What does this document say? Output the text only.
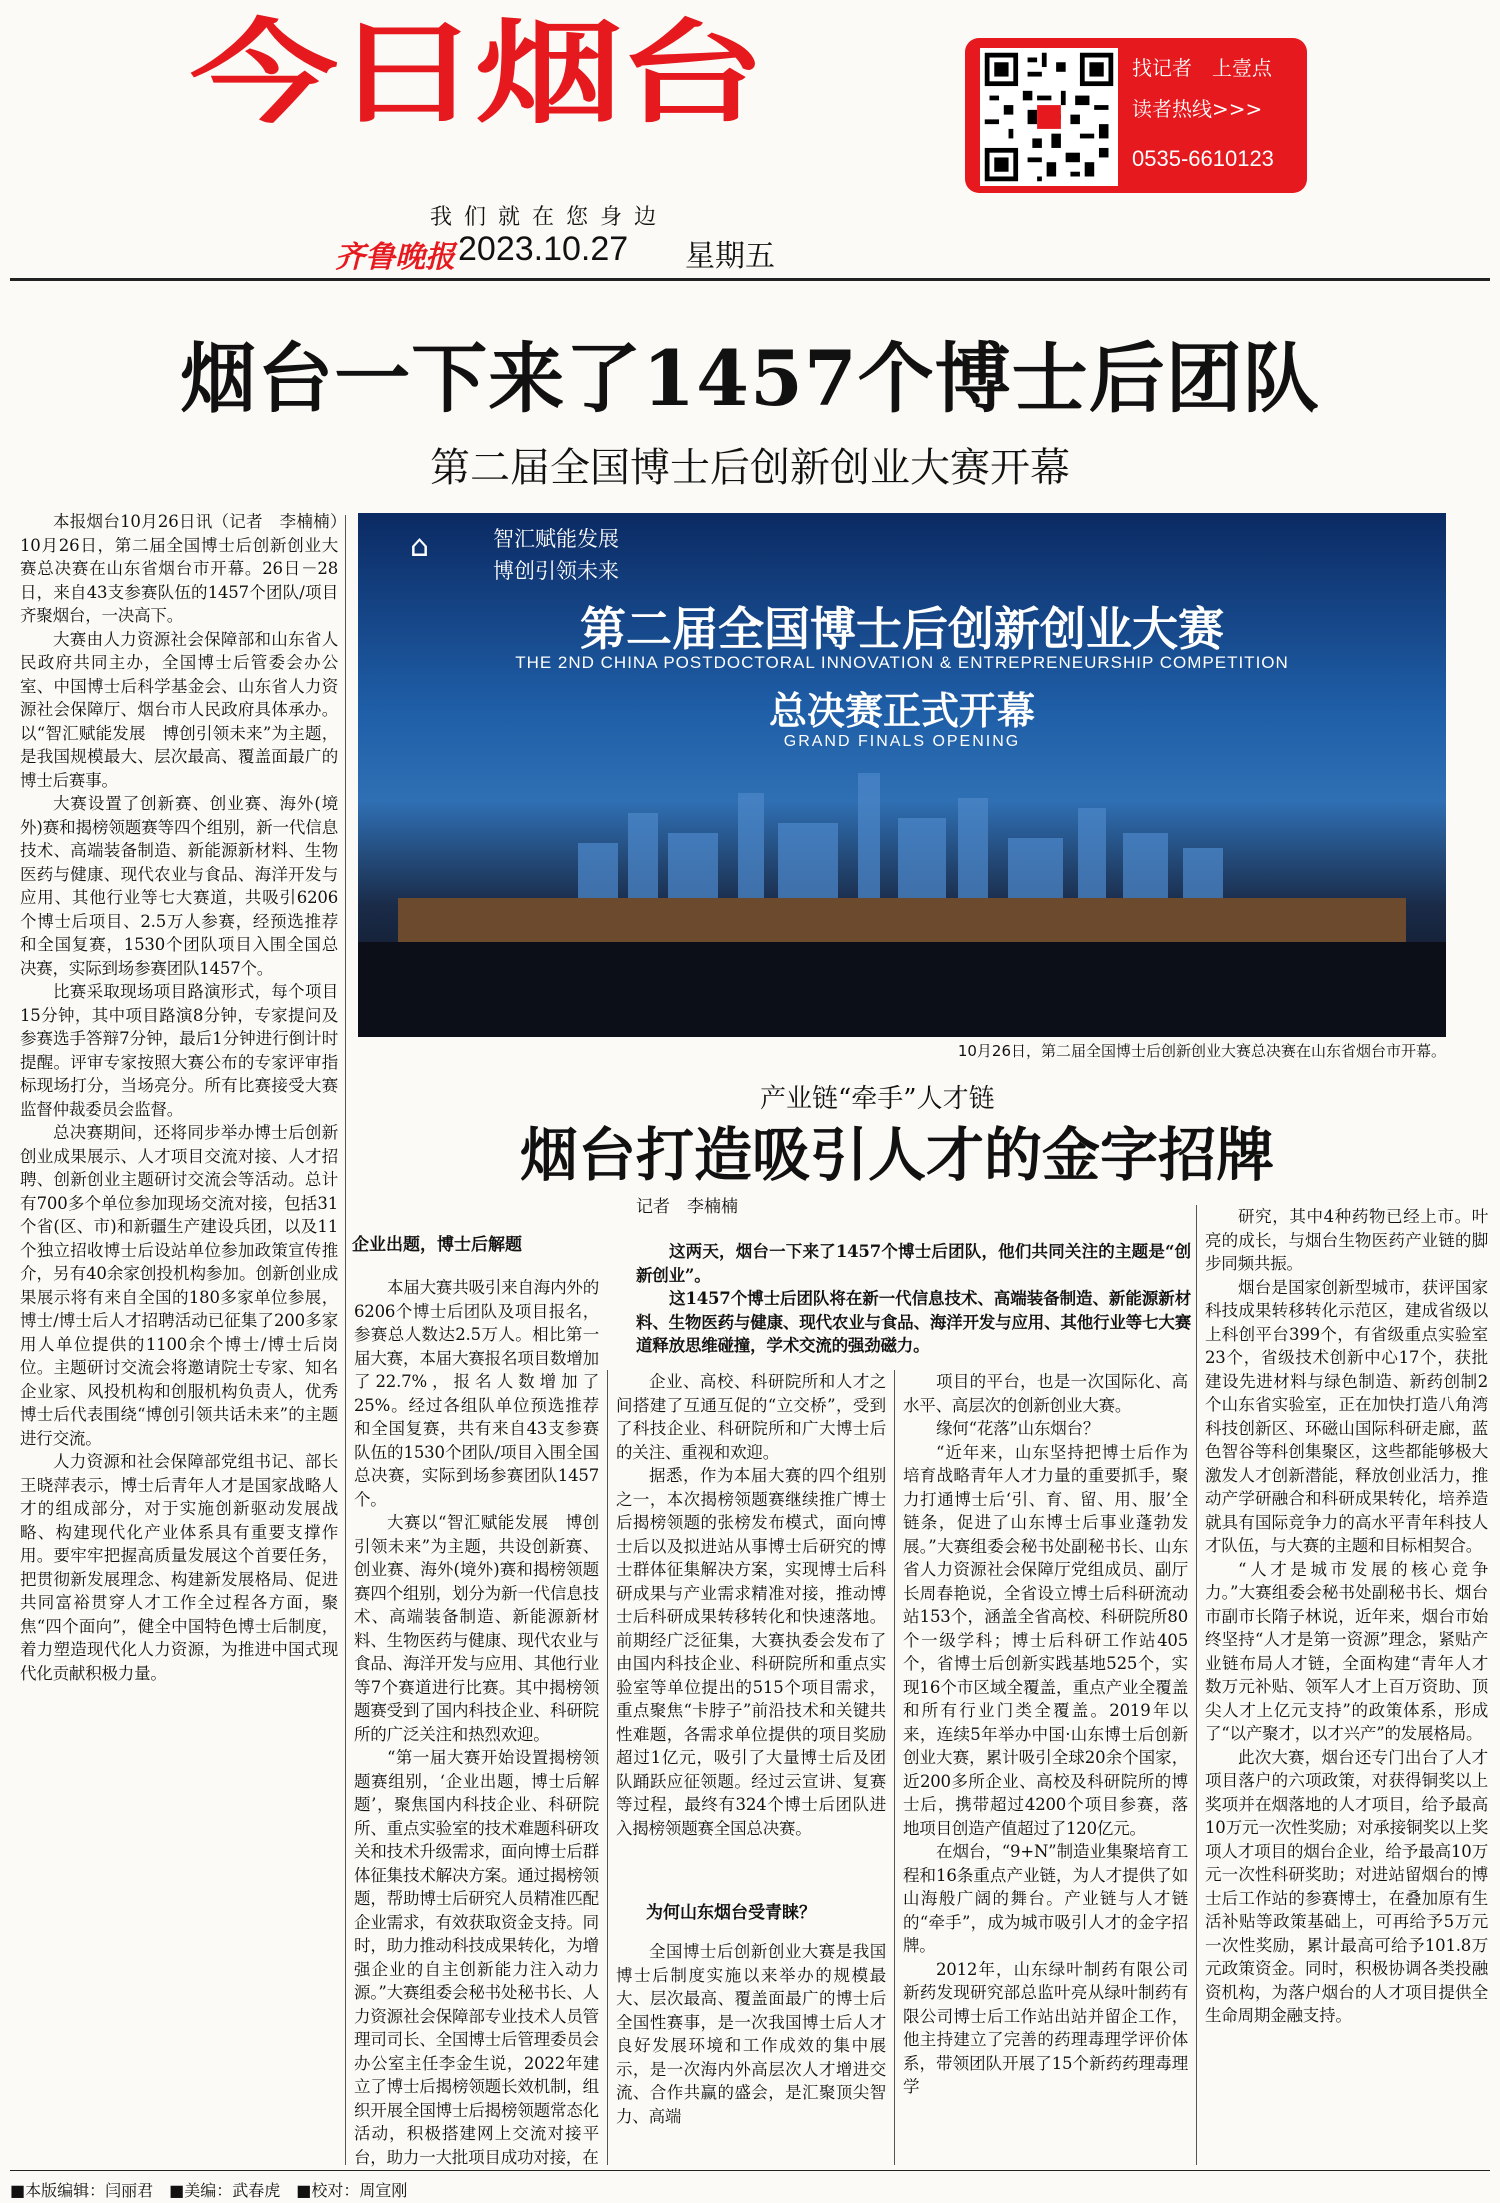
今日烟台
我们就在您身边
齐鲁晚报 2023.10.27 星期五
找记者　上壹点
读者热线>>>
0535-6610123
烟台一下来了1457个博士后团队
第二届全国博士后创新创业大赛开幕

本报烟台10月26日讯（记者　李楠楠）　10月26日，第二届全国博士后创新创业大赛总决赛在山东省烟台市开幕。26日－28日，来自43支参赛队伍的1457个团队/项目齐聚烟台，一决高下。

大赛由人力资源社会保障部和山东省人民政府共同主办，全国博士后管委会办公室、中国博士后科学基金会、山东省人力资源社会保障厅、烟台市人民政府具体承办。以“智汇赋能发展　博创引领未来”为主题，是我国规模最大、层次最高、覆盖面最广的博士后赛事。

大赛设置了创新赛、创业赛、海外(境外)赛和揭榜领题赛等四个组别，新一代信息技术、高端装备制造、新能源新材料、生物医药与健康、现代农业与食品、海洋开发与应用、其他行业等七大赛道，共吸引6206个博士后项目、2.5万人参赛，经预选推荐和全国复赛，1530个团队项目入围全国总决赛，实际到场参赛团队1457个。

比赛采取现场项目路演形式，每个项目15分钟，其中项目路演8分钟，专家提问及参赛选手答辩7分钟，最后1分钟进行倒计时提醒。评审专家按照大赛公布的专家评审指标现场打分，当场亮分。所有比赛接受大赛监督仲裁委员会监督。

总决赛期间，还将同步举办博士后创新创业成果展示、人才项目交流对接、人才招聘、创新创业主题研讨交流会等活动。总计有700多个单位参加现场交流对接，包括31个省(区、市)和新疆生产建设兵团，以及11个独立招收博士后设站单位参加政策宣传推介，另有40余家创投机构参加。创新创业成果展示将有来自全国的180多家单位参展，博士/博士后人才招聘活动已征集了200多家用人单位提供的1100余个博士/博士后岗位。主题研讨交流会将邀请院士专家、知名企业家、风投机构和创服机构负责人，优秀博士后代表围绕“博创引领共话未来”的主题进行交流。

人力资源和社会保障部党组书记、部长王晓萍表示，博士后青年人才是国家战略人才的组成部分，对于实施创新驱动发展战略、构建现代化产业体系具有重要支撑作用。要牢牢把握高质量发展这个首要任务，把贯彻新发展理念、构建新发展格局、促进共同富裕贯穿人才工作全过程各方面，聚焦“四个面向”，健全中国特色博士后制度，着力塑造现代化人力资源，为推进中国式现代化贡献积极力量。

⌂	智汇赋能发展
博创引领未来
第二届全国博士后创新创业大赛
THE 2ND CHINA POSTDOCTORAL INNOVATION & ENTREPRENEURSHIP COMPETITION
总决赛正式开幕
GRAND FINALS OPENING
10月26日，第二届全国博士后创新创业大赛总决赛在山东省烟台市开幕。
产业链“牵手”人才链
烟台打造吸引人才的金字招牌
记者　李楠楠

这两天，烟台一下来了1457个博士后团队，他们共同关注的主题是“创新创业”。

这1457个博士后团队将在新一代信息技术、高端装备制造、新能源新材料、生物医药与健康、现代农业与食品、海洋开发与应用、其他行业等七大赛道释放思维碰撞，学术交流的强劲磁力。

企业出题，博士后解题

本届大赛共吸引来自海内外的6206个博士后团队及项目报名，参赛总人数达2.5万人。相比第一届大赛，本届大赛报名项目数增加了22.7%，报名人数增加了25%。经过各组队单位预选推荐和全国复赛，共有来自43支参赛队伍的1530个团队/项目入围全国总决赛，实际到场参赛团队1457个。

大赛以“智汇赋能发展　博创引领未来”为主题，共设创新赛、创业赛、海外(境外)赛和揭榜领题赛四个组别，划分为新一代信息技术、高端装备制造、新能源新材料、生物医药与健康、现代农业与食品、海洋开发与应用、其他行业等7个赛道进行比赛。其中揭榜领题赛受到了国内科技企业、科研院所的广泛关注和热烈欢迎。

“第一届大赛开始设置揭榜领题赛组别，‘企业出题，博士后解题’，聚焦国内科技企业、科研院所、重点实验室的技术难题科研攻关和技术升级需求，面向博士后群体征集技术解决方案。通过揭榜领题，帮助博士后研究人员精准匹配企业需求，有效获取资金支持。同时，助力推动科技成果转化，为增强企业的自主创新能力注入动力源。”大赛组委会秘书处秘书长、人力资源社会保障部专业技术人员管理司司长、全国博士后管理委员会办公室主任李金生说，2022年建立了博士后揭榜领题长效机制，组织开展全国博士后揭榜领题常态化活动，积极搭建网上交流对接平台，助力一大批项目成功对接，在

企业、高校、科研院所和人才之间搭建了互通互促的“立交桥”，受到了科技企业、科研院所和广大博士后的关注、重视和欢迎。

据悉，作为本届大赛的四个组别之一，本次揭榜领题赛继续推广博士后揭榜领题的张榜发布模式，面向博士后以及拟进站从事博士后研究的博士群体征集解决方案，实现博士后科研成果与产业需求精准对接，推动博士后科研成果转移转化和快速落地。前期经广泛征集，大赛执委会发布了由国内科技企业、科研院所和重点实验室等单位提出的515个项目需求，重点聚焦“卡脖子”前沿技术和关键共性难题，各需求单位提供的项目奖励超过1亿元，吸引了大量博士后及团队踊跃应征领题。经过云宣讲、复赛等过程，最终有324个博士后团队进入揭榜领题赛全国总决赛。

为何山东烟台受青睐？

全国博士后创新创业大赛是我国博士后制度实施以来举办的规模最大、层次最高、覆盖面最广的博士后全国性赛事，是一次我国博士后人才良好发展环境和工作成效的集中展示，是一次海内外高层次人才增进交流、合作共赢的盛会，是汇聚顶尖智力、高端

项目的平台，也是一次国际化、高水平、高层次的创新创业大赛。

缘何“花落”山东烟台？

“近年来，山东坚持把博士后作为培育战略青年人才力量的重要抓手，聚力打通博士后‘引、育、留、用、服’全链条，促进了山东博士后事业蓬勃发展。”大赛组委会秘书处副秘书长、山东省人力资源社会保障厅党组成员、副厅长周春艳说，全省设立博士后科研流动站153个，涵盖全省高校、科研院所80个一级学科；博士后科研工作站405个，省博士后创新实践基地525个，实现16个市区域全覆盖，重点产业全覆盖和所有行业门类全覆盖。2019年以来，连续5年举办中国·山东博士后创新创业大赛，累计吸引全球20余个国家，近200多所企业、高校及科研院所的博士后，携带超过4200个项目参赛，落地项目创造产值超过了120亿元。

在烟台，“9+N”制造业集聚培育工程和16条重点产业链，为人才提供了如山海般广阔的舞台。产业链与人才链的“牵手”，成为城市吸引人才的金字招牌。

2012年，山东绿叶制药有限公司新药发现研究部总监叶亮从绿叶制药有限公司博士后工作站出站并留企工作，他主持建立了完善的药理毒理学评价体系，带领团队开展了15个新药药理毒理学

研究，其中4种药物已经上市。叶亮的成长，与烟台生物医药产业链的脚步同频共振。

烟台是国家创新型城市，获评国家科技成果转移转化示范区，建成省级以上科创平台399个，有省级重点实验室23个，省级技术创新中心17个，获批建设先进材料与绿色制造、新药创制2个山东省实验室，正在加快打造八角湾科技创新区、环磁山国际科研走廊，蓝色智谷等科创集聚区，这些都能够极大激发人才创新潜能，释放创业活力，推动产学研融合和科研成果转化，培养造就具有国际竞争力的高水平青年科技人才队伍，与大赛的主题和目标相契合。

“人才是城市发展的核心竞争力。”大赛组委会秘书处副秘书长、烟台市副市长隋子林说，近年来，烟台市始终坚持“人才是第一资源”理念，紧贴产业链布局人才链，全面构建“青年人才数万元补贴、领军人才上百万资助、顶尖人才上亿元支持”的政策体系，形成了“以产聚才，以才兴产”的发展格局。

此次大赛，烟台还专门出台了人才项目落户的六项政策，对获得铜奖以上奖项并在烟落地的人才项目，给予最高10万元一次性奖励；对承接铜奖以上奖项人才项目的烟台企业，给予最高10万元一次性科研奖助；对进站留烟台的博士后工作站的参赛博士，在叠加原有生活补贴等政策基础上，可再给予5万元一次性奖励，累计最高可给予101.8万元政策资金。同时，积极协调各类投融资机构，为落户烟台的人才项目提供全生命周期金融支持。

■本版编辑：闫丽君　■美编：武春虎　■校对：周宣刚
